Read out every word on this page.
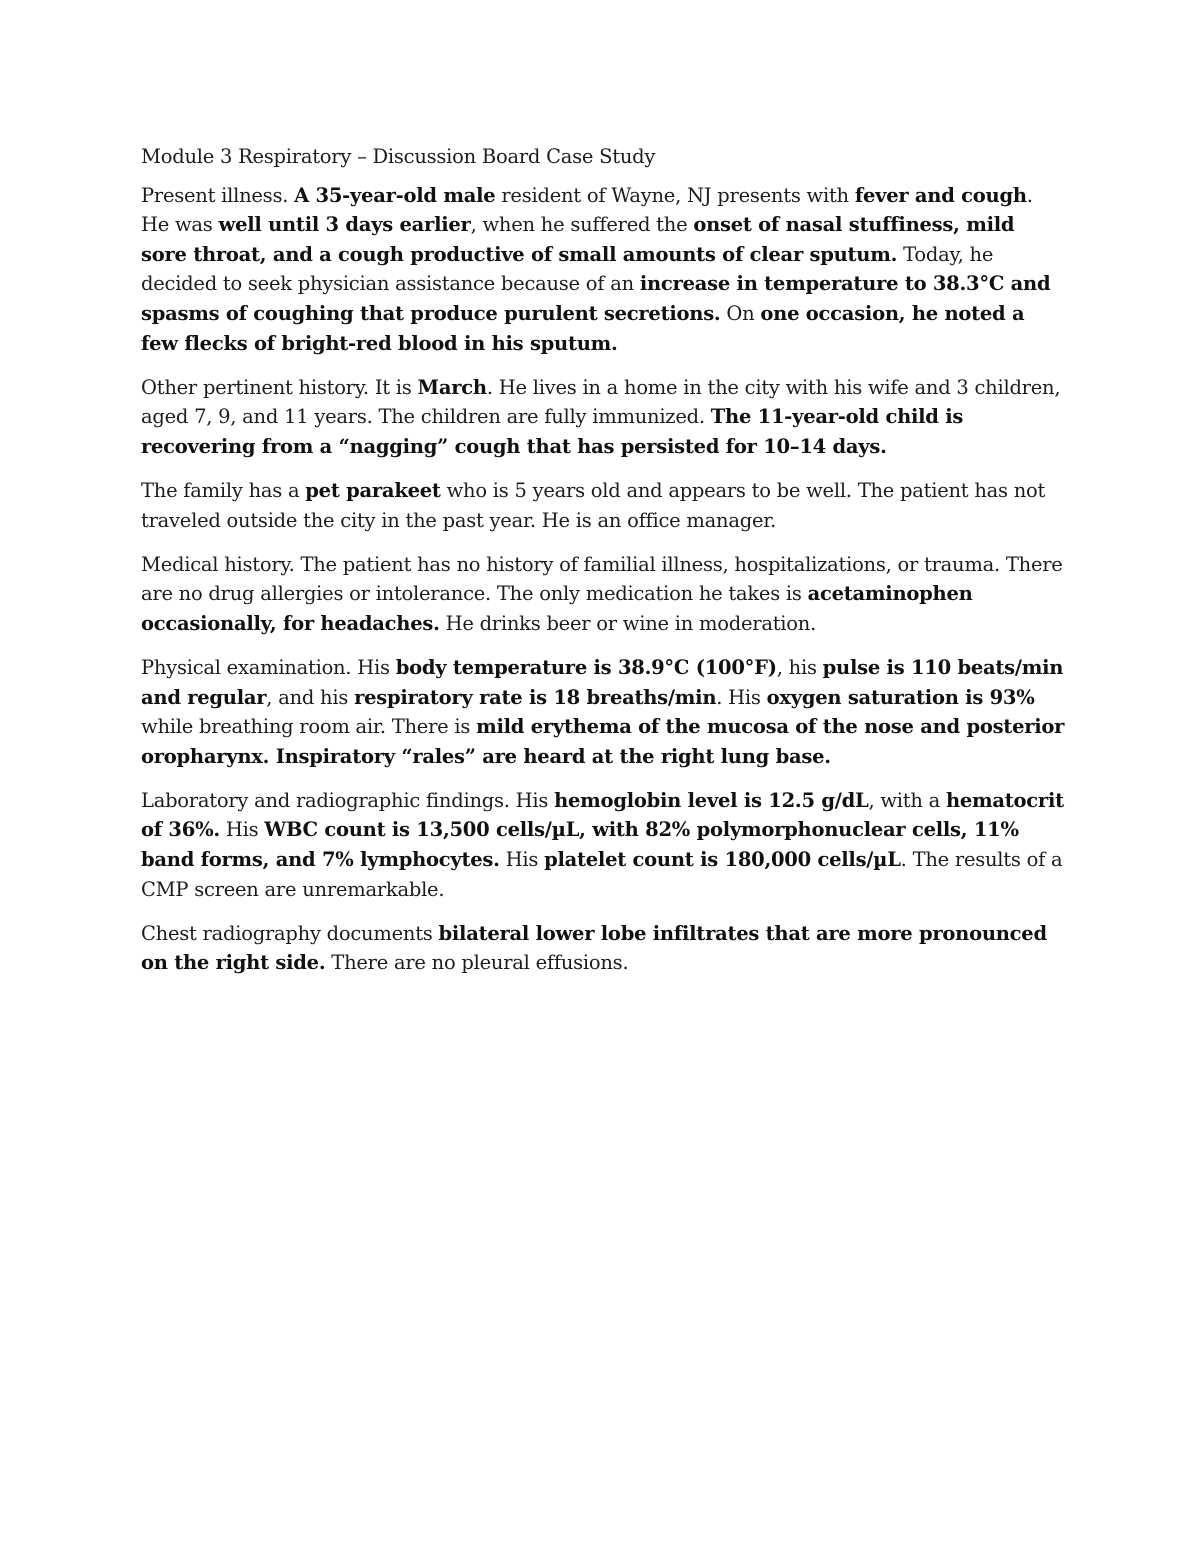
Module 3 Respiratory – Discussion Board Case Study

Present illness. A 35-year-old male resident of Wayne, NJ presents with fever and cough. He was well until 3 days earlier, when he suffered the onset of nasal stuffiness, mild sore throat, and a cough productive of small amounts of clear sputum. Today, he decided to seek physician assistance because of an increase in temperature to 38.3°C and spasms of coughing that produce purulent secretions. On one occasion, he noted a few flecks of bright-red blood in his sputum.

Other pertinent history. It is March. He lives in a home in the city with his wife and 3 children, aged 7, 9, and 11 years. The children are fully immunized. The 11-year-old child is recovering from a “nagging” cough that has persisted for 10–14 days.

The family has a pet parakeet who is 5 years old and appears to be well. The patient has not traveled outside the city in the past year. He is an office manager.

Medical history. The patient has no history of familial illness, hospitalizations, or trauma. There are no drug allergies or intolerance. The only medication he takes is acetaminophen occasionally, for headaches. He drinks beer or wine in moderation.

Physical examination. His body temperature is 38.9°C (100°F), his pulse is 110 beats/min and regular, and his respiratory rate is 18 breaths/min. His oxygen saturation is 93% while breathing room air. There is mild erythema of the mucosa of the nose and posterior oropharynx. Inspiratory “rales” are heard at the right lung base.

Laboratory and radiographic findings. His hemoglobin level is 12.5 g/dL, with a hematocrit of 36%. His WBC count is 13,500 cells/µL, with 82% polymorphonuclear cells, 11% band forms, and 7% lymphocytes. His platelet count is 180,000 cells/µL. The results of a CMP screen are unremarkable.

Chest radiography documents bilateral lower lobe infiltrates that are more pronounced on the right side. There are no pleural effusions.
